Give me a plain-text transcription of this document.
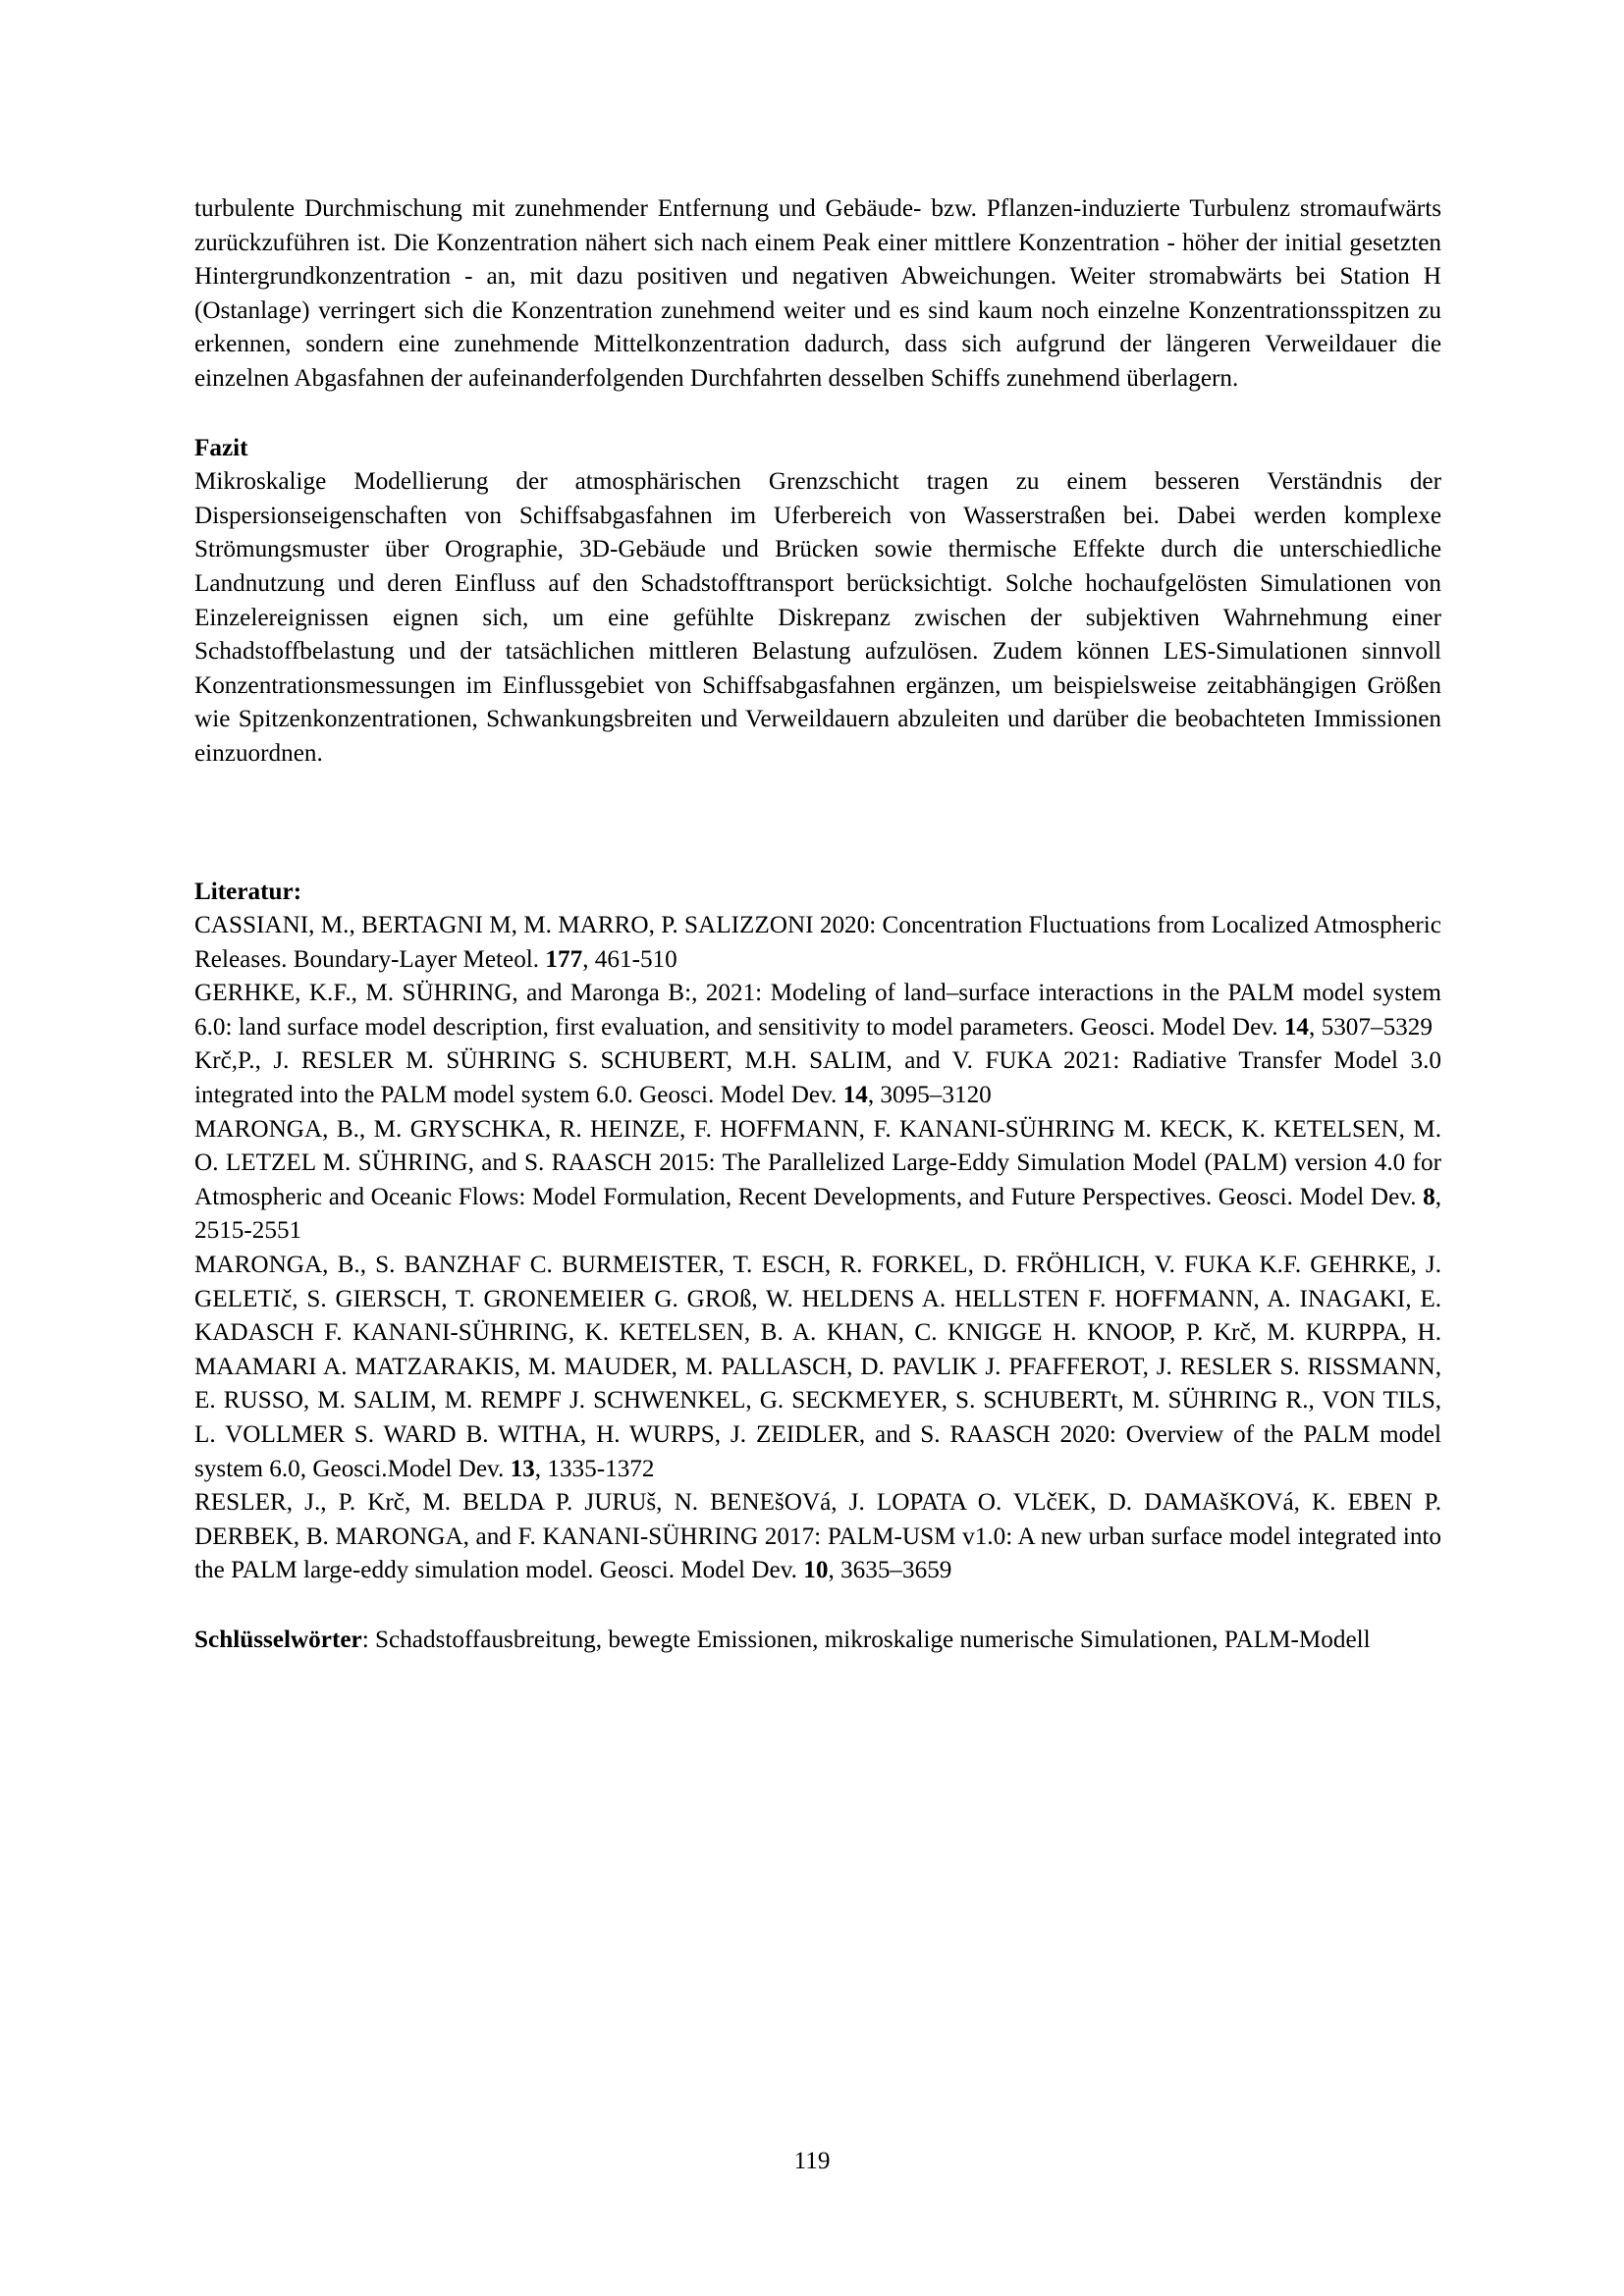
turbulente Durchmischung mit zunehmender Entfernung und Gebäude- bzw. Pflanzen-induzierte Turbulenz stromaufwärts zurückzuführen ist. Die Konzentration nähert sich nach einem Peak einer mittlere Konzentration - höher der initial gesetzten Hintergrundkonzentration - an, mit dazu positiven und negativen Abweichungen. Weiter stromabwärts bei Station H (Ostanlage) verringert sich die Konzentration zunehmend weiter und es sind kaum noch einzelne Konzentrationsspitzen zu erkennen, sondern eine zunehmende Mittelkonzentration dadurch, dass sich aufgrund der längeren Verweildauer die einzelnen Abgasfahnen der aufeinanderfolgenden Durchfahrten desselben Schiffs zunehmend überlagern.

Fazit

Mikroskalige Modellierung der atmosphärischen Grenzschicht tragen zu einem besseren Verständnis der Dispersionseigenschaften von Schiffsabgasfahnen im Uferbereich von Wasserstraßen bei. Dabei werden komplexe Strömungsmuster über Orographie, 3D-Gebäude und Brücken sowie thermische Effekte durch die unterschiedliche Landnutzung und deren Einfluss auf den Schadstofftransport berücksichtigt. Solche hochaufgelösten Simulationen von Einzelereignissen eignen sich, um eine gefühlte Diskrepanz zwischen der subjektiven Wahrnehmung einer Schadstoffbelastung und der tatsächlichen mittleren Belastung aufzulösen. Zudem können LES-Simulationen sinnvoll Konzentrationsmessungen im Einflussgebiet von Schiffsabgasfahnen ergänzen, um beispielsweise zeitabhängigen Größen wie Spitzenkonzentrationen, Schwankungsbreiten und Verweildauern abzuleiten und darüber die beobachteten Immissionen einzuordnen.

Literatur:

CASSIANI, M., BERTAGNI M, M. MARRO, P. SALIZZONI 2020: Concentration Fluctuations from Localized Atmospheric Releases. Boundary-Layer Meteol. 177, 461-510

GERHKE, K.F., M. SÜHRING, and Maronga B:, 2021: Modeling of land–surface interactions in the PALM model system 6.0: land surface model description, first evaluation, and sensitivity to model parameters. Geosci. Model Dev. 14, 5307–5329

Krč,P., J. RESLER M. SÜHRING S. SCHUBERT, M.H. SALIM, and V. FUKA 2021: Radiative Transfer Model 3.0 integrated into the PALM model system 6.0. Geosci. Model Dev. 14, 3095–3120

MARONGA, B., M. GRYSCHKA, R. HEINZE, F. HOFFMANN, F. KANANI-SÜHRING M. KECK, K. KETELSEN, M. O. LETZEL M. SÜHRING, and S. RAASCH 2015: The Parallelized Large-Eddy Simulation Model (PALM) version 4.0 for Atmospheric and Oceanic Flows: Model Formulation, Recent Developments, and Future Perspectives. Geosci. Model Dev. 8, 2515-2551

MARONGA, B., S. BANZHAF C. BURMEISTER, T. ESCH, R. FORKEL, D. FRÖHLICH, V. FUKA K.F. GEHRKE, J. GELETIč, S. GIERSCH, T. GRONEMEIER G. GROß, W. HELDENS A. HELLSTEN F. HOFFMANN, A. INAGAKI, E. KADASCH F. KANANI-SÜHRING, K. KETELSEN, B. A. KHAN, C. KNIGGE H. KNOOP, P. Krč, M. KURPPA, H. MAAMARI A. MATZARAKIS, M. MAUDER, M. PALLASCH, D. PAVLIK J. PFAFFEROT, J. RESLER S. RISSMANN, E. RUSSO, M. SALIM, M. REMPF J. SCHWENKEL, G. SECKMEYER, S. SCHUBERTt, M. SÜHRING R., VON TILS, L. VOLLMER S. WARD B. WITHA, H. WURPS, J. ZEIDLER, and S. RAASCH 2020: Overview of the PALM model system 6.0, Geosci.Model Dev. 13, 1335-1372

RESLER, J., P. Krč, M. BELDA P. JURUš, N. BENEšOVá, J. LOPATA O. VLčEK, D. DAMAšKOVá, K. EBEN P. DERBEK, B. MARONGA, and F. KANANI-SÜHRING 2017: PALM-USM v1.0: A new urban surface model integrated into the PALM large-eddy simulation model. Geosci. Model Dev. 10, 3635–3659

Schlüsselwörter: Schadstoffausbreitung, bewegte Emissionen, mikroskalige numerische Simulationen, PALM-Modell

119
